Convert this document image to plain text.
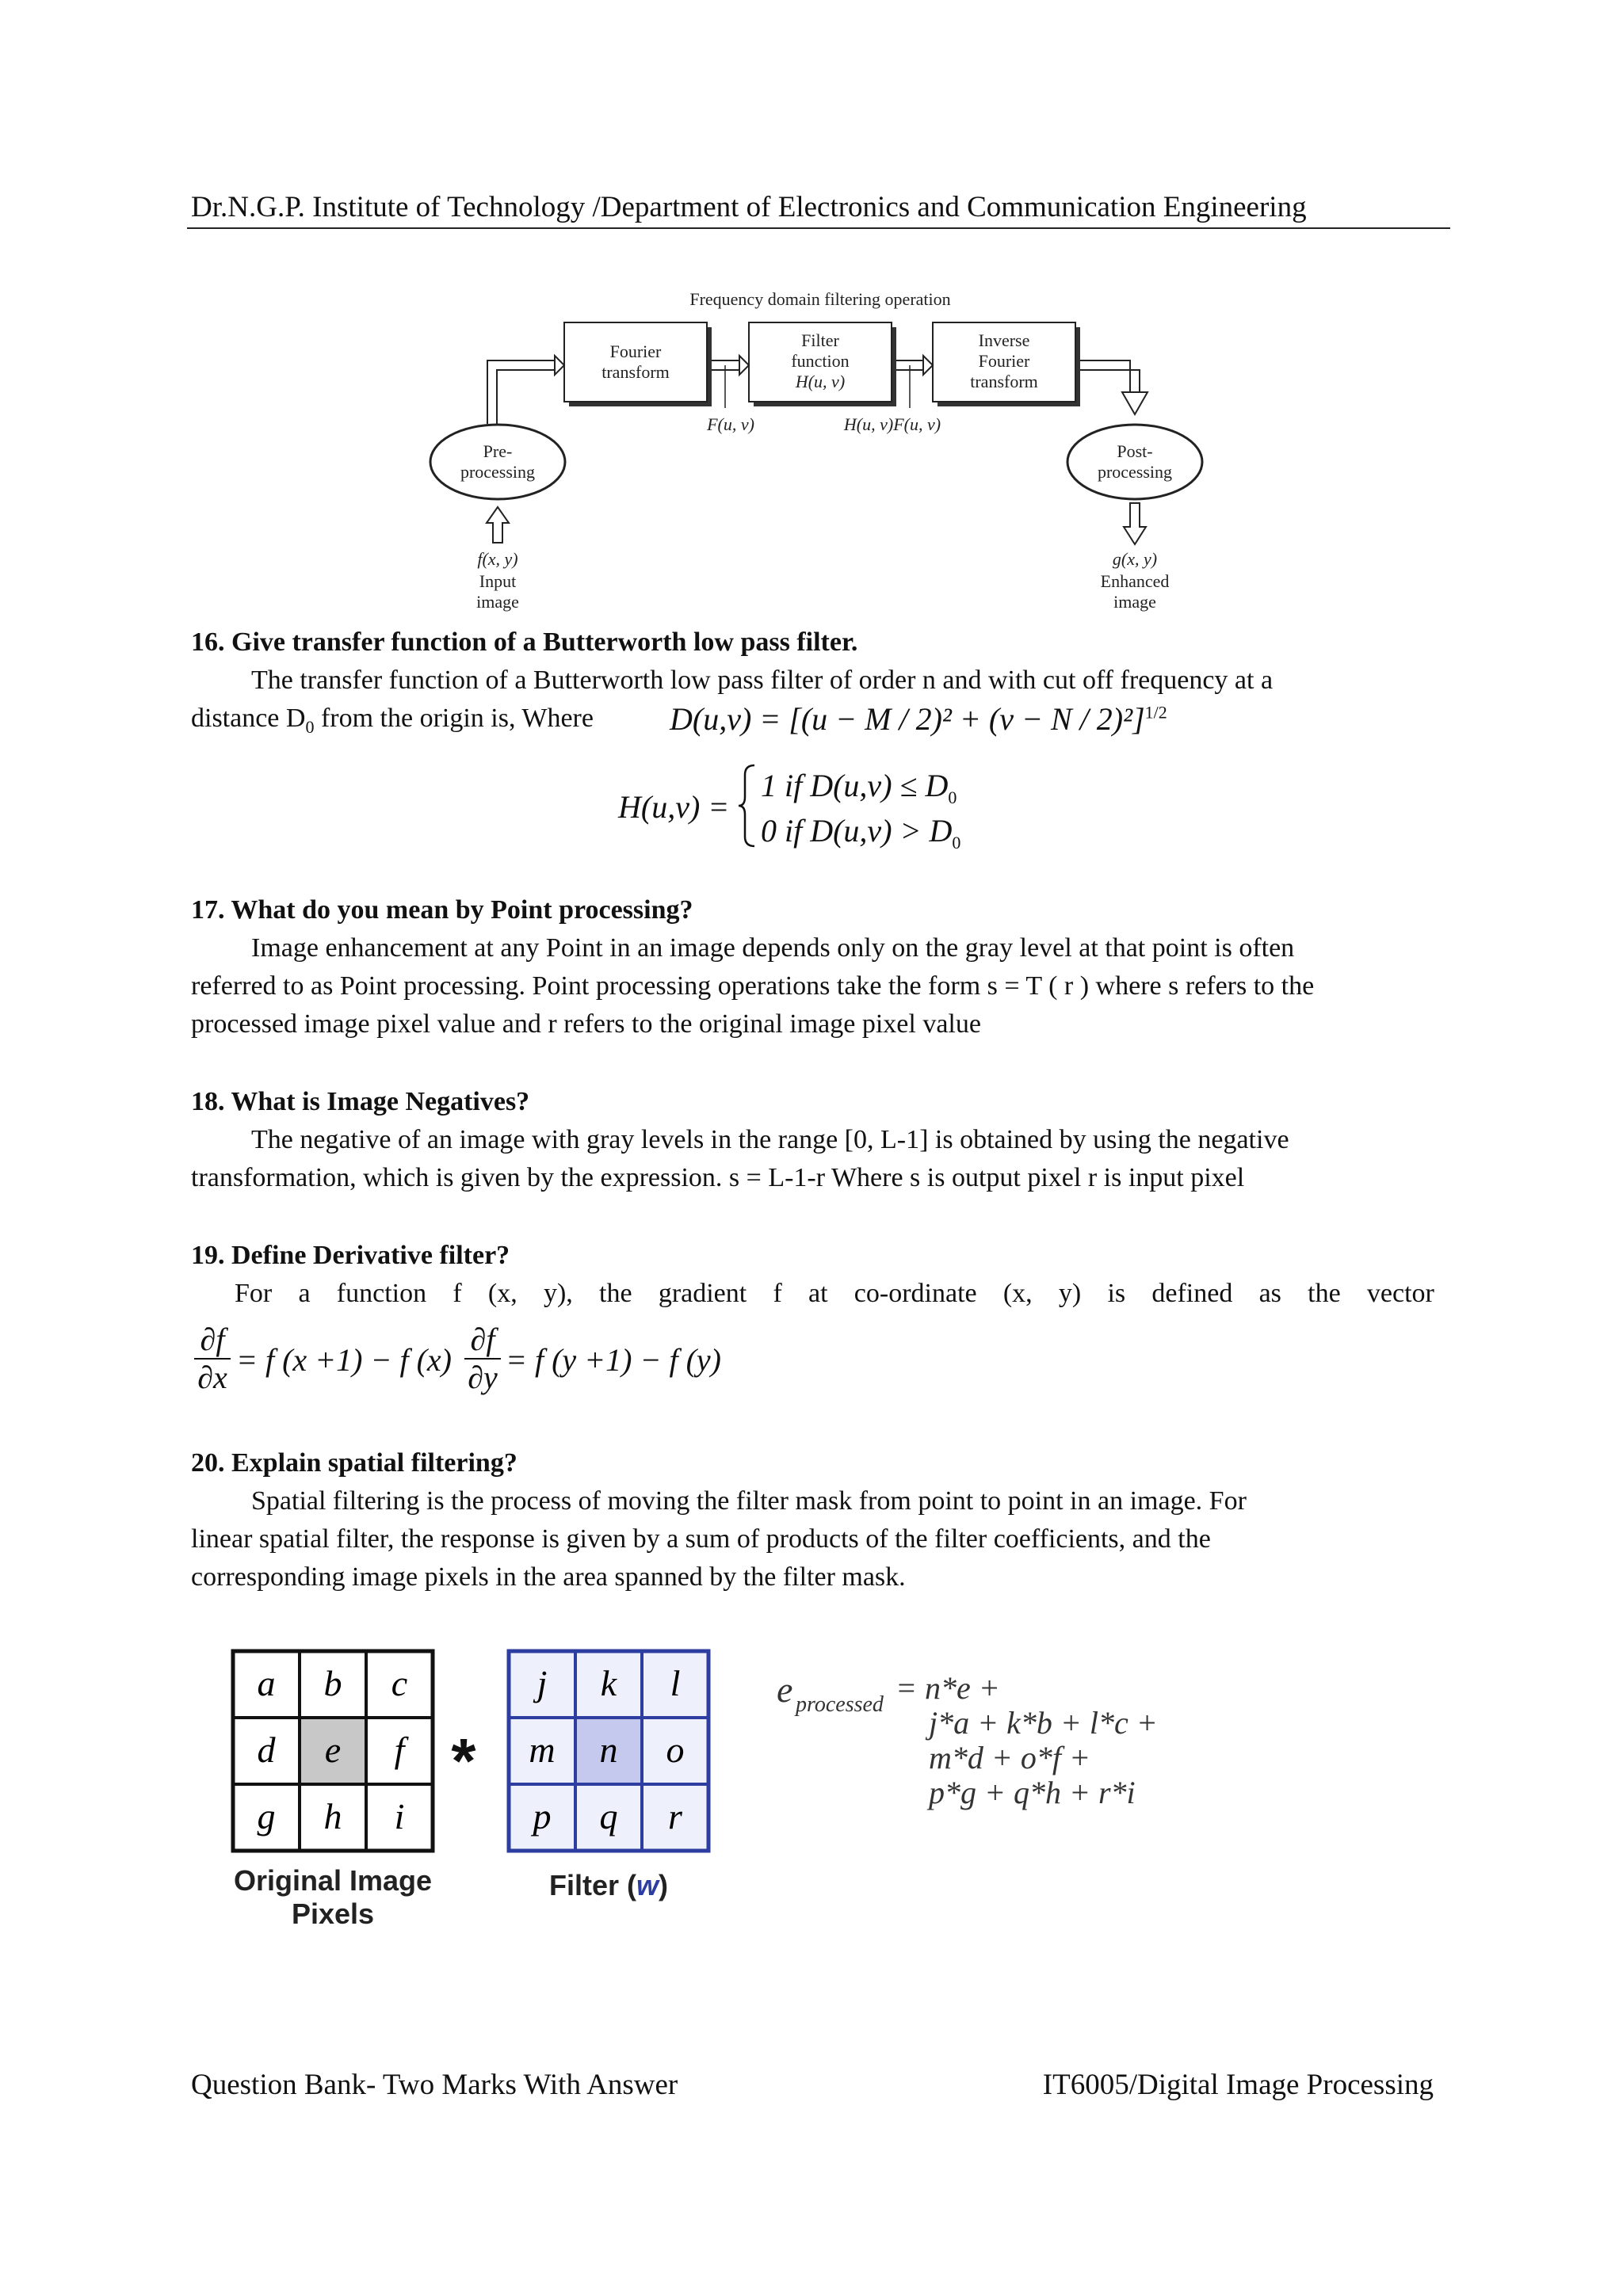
Dr.N.G.P. Institute of Technology /Department of Electronics and Communication Engineering
Frequency domain filtering operation
Fourier
transform
Filter
function
H(u, v)
Inverse
Fourier
transform
Pre-
processing
Post-
processing
F(u, v)	H(u, v)F(u, v)
f(x, y)
Input
image
g(x, y)
Enhanced
image
16. Give transfer function of a Butterworth low pass filter.
The transfer function of a Butterworth low pass filter of order n and with cut off frequency at a
distance $D_0$ from the origin is, Where $D(u,v) = [(u - M / 2)^2 + (v - N / 2)^2]^{1/2}$
H(u,v) =
1 if $D(u,v) \le D_0$
0 if $D(u,v) > D_0$
17. What do you mean by Point processing?
Image enhancement at any Point in an image depends only on the gray level at that point is often
referred to as Point processing. Point processing operations take the form s = T ( r ) where s refers to the
processed image pixel value and r refers to the original image pixel value
18. What is Image Negatives?
The negative of an image with gray levels in the range [0, L-1] is obtained by using the negative
transformation, which is given by the expression. s = L-1-r Where s is output pixel r is input pixel
19. Define Derivative filter?
For a function f (x, y), the gradient f at co-ordinate (x, y) is defined as the vector
∂f
∂x = f (x +1) − f (x)
∂f
∂y = f (y +1) − f (y)
20. Explain spatial filtering?
Spatial filtering is the process of moving the filter mask from point to point in an image. For
linear spatial filter, the response is given by a sum of products of the filter coefficients, and the
corresponding image pixels in the area spanned by the filter mask.
a b c
d e f
g h i
*
j k l
m n o
p q r
Original Image
Pixels
Filter (w)
e processed = n*e +
j*a + k*b + l*c +
m*d + o*f +
p*g + q*h + r*i
Question Bank- Two Marks With Answer	IT6005/Digital Image Processing
